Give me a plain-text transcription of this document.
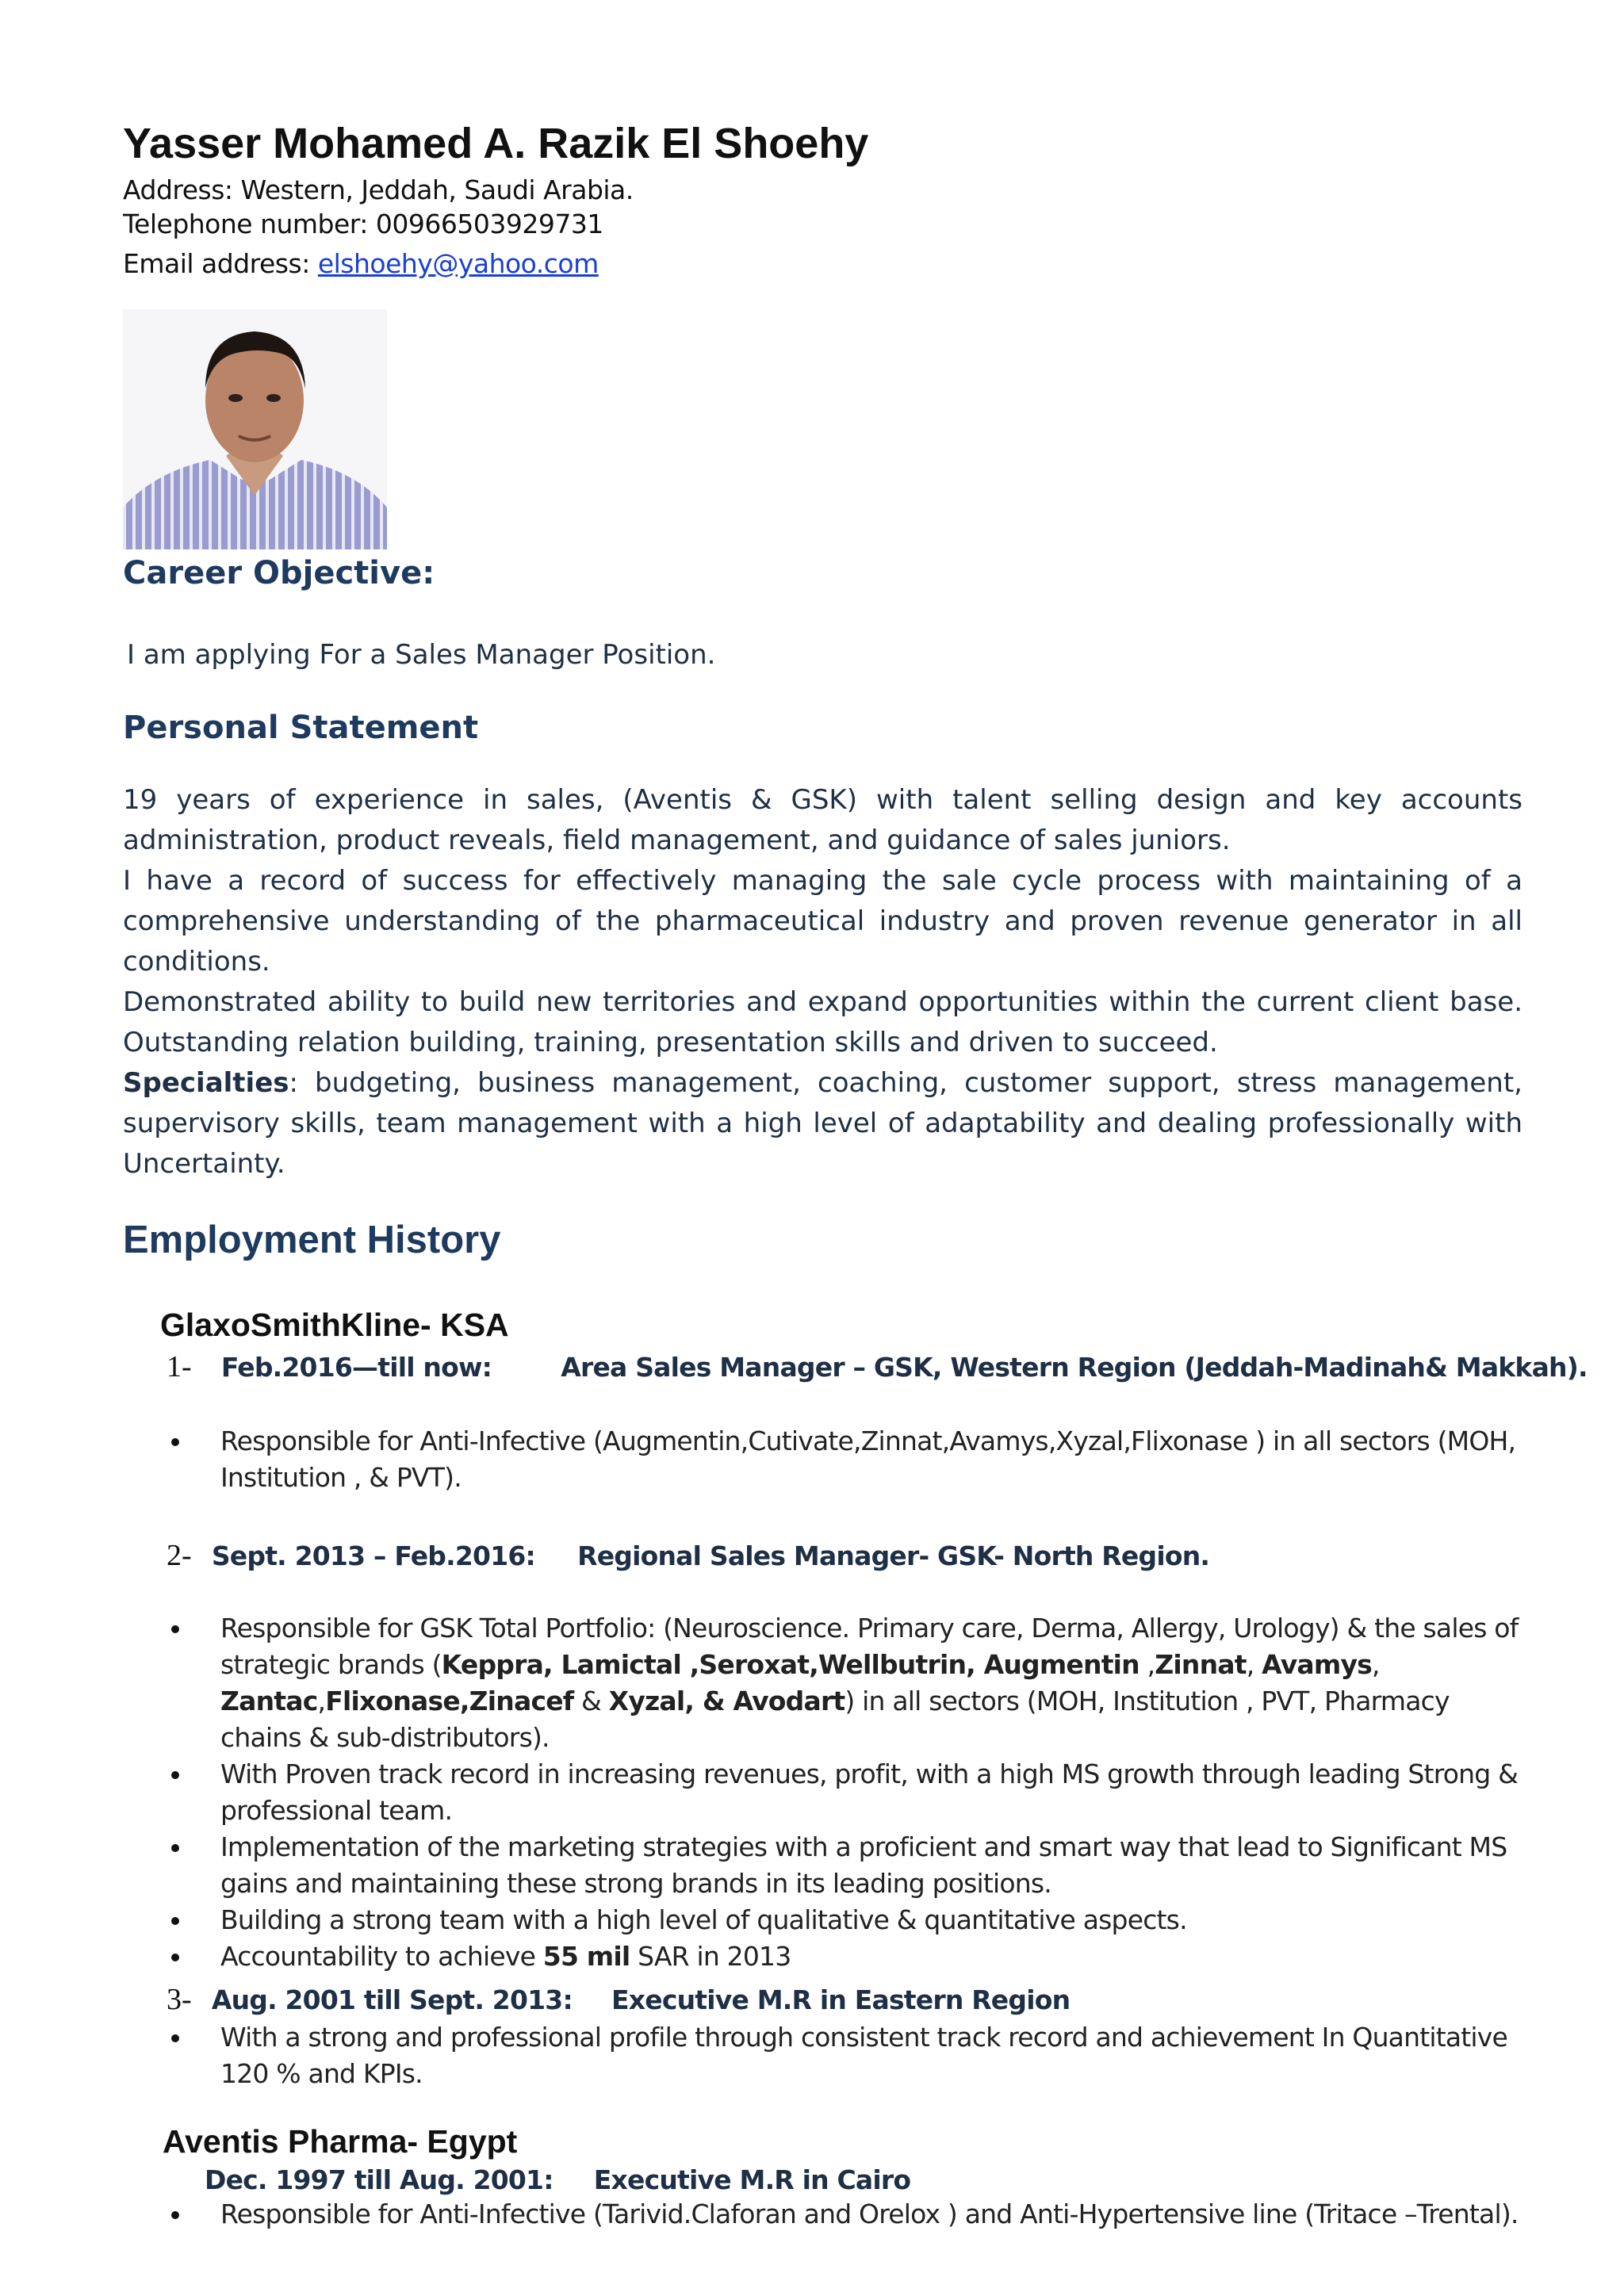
Yasser Mohamed A. Razik El Shoehy
Address: Western, Jeddah, Saudi Arabia.
Telephone number: 00966503929731
Email address: elshoehy@yahoo.com
Career Objective:
I am applying For a Sales Manager Position.
Personal Statement

19 years of experience in sales, (Aventis & GSK) with talent selling design and key accounts administration, product reveals, field management, and guidance of sales juniors.

I have a record of success for effectively managing the sale cycle process with maintaining of a comprehensive understanding of the pharmaceutical industry and proven revenue generator in all conditions.

Demonstrated ability to build new territories and expand opportunities within the current client base. Outstanding relation building, training, presentation skills and driven to succeed.

Specialties: budgeting, business management, coaching, customer support, stress management, supervisory skills, team management with a high level of adaptability and dealing professionally with Uncertainty.

Employment History
GlaxoSmithKline- KSA
1- Feb.2016—till now:	Area Sales Manager – GSK, Western Region (Jeddah-Madinah& Makkah).
Responsible for Anti-Infective (Augmentin,Cutivate,Zinnat,Avamys,Xyzal,Flixonase ) in all sectors (MOH, Institution , & PVT).
2- Sept. 2013 – Feb.2016: Regional Sales Manager- GSK- North Region.
Responsible for GSK Total Portfolio: (Neuroscience. Primary care, Derma, Allergy, Urology) & the sales of strategic brands (Keppra, Lamictal ,Seroxat,Wellbutrin, Augmentin ,Zinnat, Avamys, Zantac,Flixonase,Zinacef & Xyzal, & Avodart) in all sectors (MOH, Institution , PVT, Pharmacy chains & sub-distributors).
With Proven track record in increasing revenues, profit, with a high MS growth through leading Strong & professional team.
Implementation of the marketing strategies with a proficient and smart way that lead to Significant MS gains and maintaining these strong brands in its leading positions.
Building a strong team with a high level of qualitative & quantitative aspects.
Accountability to achieve 55 mil SAR in 2013
3- Aug. 2001 till Sept. 2013: Executive M.R in Eastern Region
With a strong and professional profile through consistent track record and achievement In Quantitative 120 % and KPIs.
Aventis Pharma- Egypt
Dec. 1997 till Aug. 2001: Executive M.R in Cairo
Responsible for Anti-Infective (Tarivid.Claforan and Orelox ) and Anti-Hypertensive line (Tritace –Trental).
